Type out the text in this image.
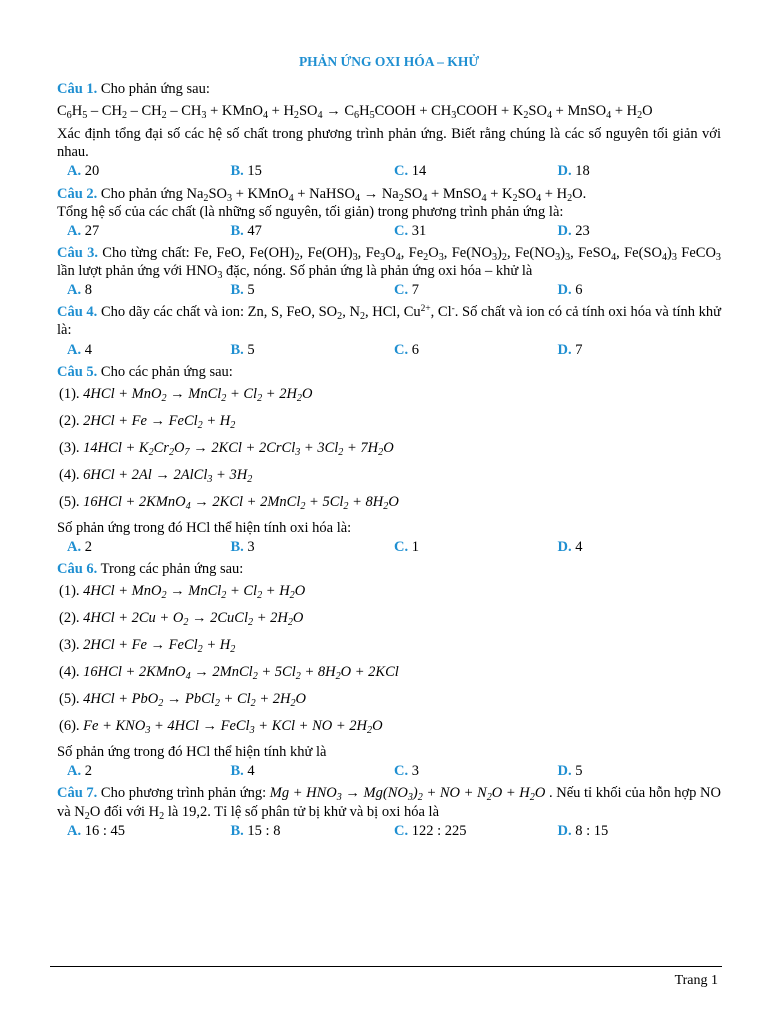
PHẢN ỨNG OXI HÓA – KHỬ
Câu 1. Cho phản ứng sau:
$C_6H_5 - CH_2 - CH_2 - CH_3$ + KMnO$_4$ + $H_2SO_4$ → $C_6H_5COOH$ + $CH_3COOH + K_2SO_4$ + MnSO$_4$ + $H_2O$
Xác định tổng đại số các hệ số chất trong phương trình phản ứng. Biết rằng chúng là các số nguyên tối giản với nhau.
A. 20	B. 15	C. 14	D. 18
Câu 2. Cho phản ứng $Na_2SO_3$ + KMnO$_4$ + NaHSO$_4$ → $Na_2SO_4$ + MnSO$_4$ + $K_2SO_4 + H_2O$.
Tổng hệ số của các chất (là những số nguyên, tối giản) trong phương trình phản ứng là:
A. 27	B. 47	C. 31	D. 23
Câu 3. Cho từng chất: Fe, FeO, $Fe(OH)_2$, $Fe(OH)_3$, $Fe_3O_4$, $Fe_2O_3$, $Fe(NO_3)_2$, $Fe(NO_3)_3$, FeSO$_4$, $Fe(SO_4)_3$ FeCO$_3$ lần lượt phản ứng với $HNO_3$ đặc, nóng. Số phản ứng là phản ứng oxi hóa – khử là
A. 8	B. 5	C. 7	D. 6
Câu 4. Cho dãy các chất và ion: Zn, S, FeO, $SO_2$, $N_2$, HCl, $Cu^{2+}$, Cl-. Số chất và ion có cả tính oxi hóa và tính khử là:
A. 4	B. 5	C. 6	D. 7
Câu 5. Cho các phản ứng sau:
(1). 4HCl + MnO$_2$ → MnCl$_2$ + $Cl_2 + 2H_2O$
(2). 2HCl + Fe → FeCl$_2$ + $H_2$
(3). $14HCl + K_2Cr_2O_7 \to 2KCl$ + 2CrCl$_3$ + $3Cl_2 + 7H_2O$
(4). 6HCl + 2Al → 2AlCl$_3$ + $3H_2$
(5). 16HCl + 2KMnO$_4$ → 2KCl + 2MnCl$_2$ + $5Cl_2 + 8H_2O$
Số phản ứng trong đó HCl thể hiện tính oxi hóa là:
A. 2	B. 3	C. 1	D. 4
Câu 6. Trong các phản ứng sau:
(1). 4HCl + MnO$_2$ → MnCl$_2$ + $Cl_2 + H_2O$
(2). $4HCl + 2Cu + O_2$ → 2CuCl$_2$ + $2H_2O$
(3). 2HCl + Fe → FeCl$_2$ + $H_2$
(4). 16HCl + 2KMnO$_4$ → 2MnCl$_2$ + $5Cl_2 + 8H_2O + 2KCl$
(5). 4HCl + PbO$_2$ → PbCl$_2$ + $Cl_2 + 2H_2O$
(6). $Fe + KNO_3 + 4HCl$ → FeCl$_3$ + KCl + NO + $2H_2O$
Số phản ứng trong đó HCl thể hiện tính khử là
A. 2	B. 4	C. 3	D. 5
Câu 7. Cho phương trình phản ứng: $Mg + HNO_3 \to Mg(NO_3)_2$ + NO + $N_2O + H_2O$ . Nếu tỉ khối của hỗn hợp NO và $N_2O$ đối với $H_2$ là 19,2. Tỉ lệ số phân tử bị khử và bị oxi hóa là
A. 16 : 45	B. 15 : 8	C. 122 : 225	D. 8 : 15
Trang 1
